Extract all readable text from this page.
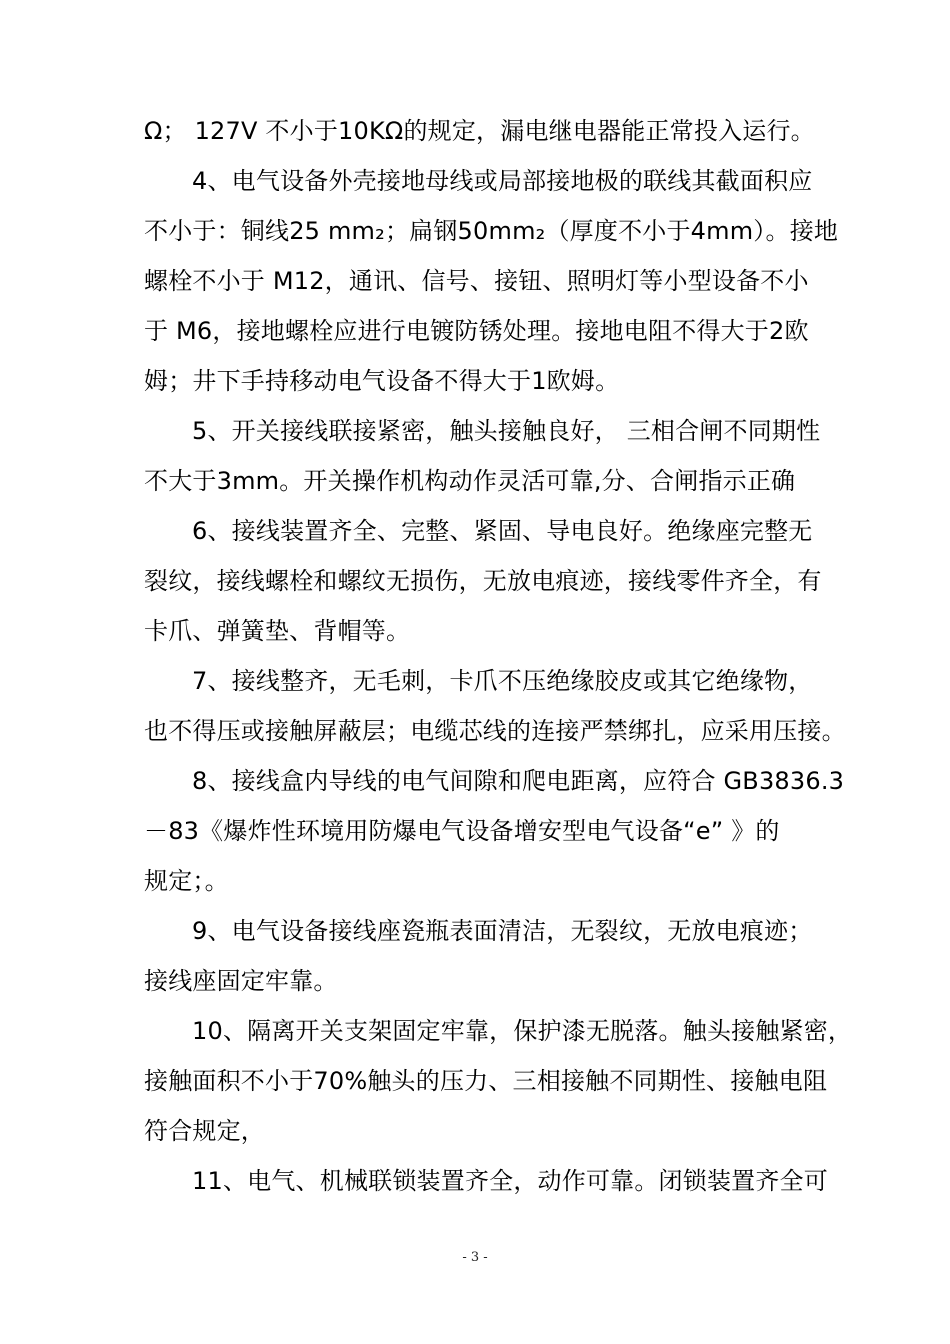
Ω； 127V 不小于10KΩ的规定，漏电继电器能正常投入运行。
4、电气设备外壳接地母线或局部接地极的联线其截面积应
不小于：铜线25 mm₂；扁钢50mm₂（厚度不小于4mm）。接地
螺栓不小于 M12，通讯、信号、接钮、照明灯等小型设备不小
于 M6，接地螺栓应进行电镀防锈处理。接地电阻不得大于2欧
姆；井下手持移动电气设备不得大于1欧姆。
5、开关接线联接紧密，触头接触良好， 三相合闸不同期性
不大于3mm。开关操作机构动作灵活可靠,分、合闸指示正确
6、接线装置齐全、完整、紧固、导电良好。绝缘座完整无
裂纹，接线螺栓和螺纹无损伤，无放电痕迹，接线零件齐全，有
卡爪、弹簧垫、背帽等。
7、接线整齐，无毛刺，卡爪不压绝缘胶皮或其它绝缘物，
也不得压或接触屏蔽层；电缆芯线的连接严禁绑扎，应采用压接。
8、接线盒内导线的电气间隙和爬电距离，应符合 GB3836.3
－83《爆炸性环境用防爆电气设备增安型电气设备“e” 》的
规定；。
9、电气设备接线座瓷瓶表面清洁，无裂纹，无放电痕迹；
接线座固定牢靠。
10、隔离开关支架固定牢靠，保护漆无脱落。触头接触紧密，
接触面积不小于70%触头的压力、三相接触不同期性、接触电阻
符合规定，
11、电气、机械联锁装置齐全，动作可靠。闭锁装置齐全可
- 3 -
